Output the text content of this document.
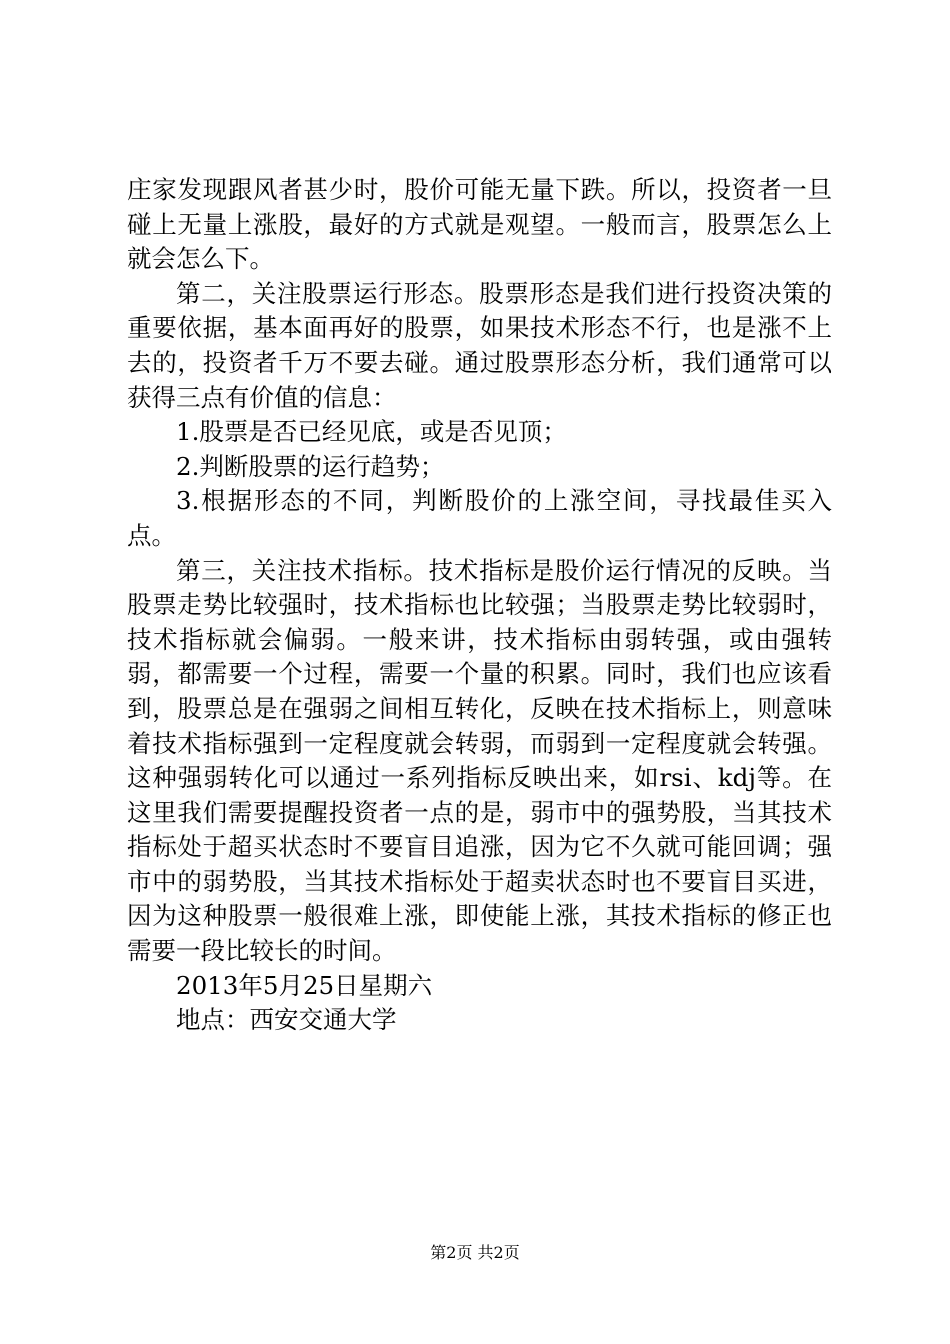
庄家发现跟风者甚少时，股价可能无量下跌。所以，投资者一旦碰上无量上涨股，最好的方式就是观望。一般而言，股票怎么上就会怎么下。

第二，关注股票运行形态。股票形态是我们进行投资决策的重要依据，基本面再好的股票，如果技术形态不行，也是涨不上去的，投资者千万不要去碰。通过股票形态分析，我们通常可以获得三点有价值的信息：

1.股票是否已经见底，或是否见顶；

2.判断股票的运行趋势；

3.根据形态的不同，判断股价的上涨空间，寻找最佳买入点。

第三，关注技术指标。技术指标是股价运行情况的反映。当股票走势比较强时，技术指标也比较强；当股票走势比较弱时，技术指标就会偏弱。一般来讲，技术指标由弱转强，或由强转弱，都需要一个过程，需要一个量的积累。同时，我们也应该看到，股票总是在强弱之间相互转化，反映在技术指标上，则意味着技术指标强到一定程度就会转弱，而弱到一定程度就会转强。这种强弱转化可以通过一系列指标反映出来，如rsi、kdj等。在这里我们需要提醒投资者一点的是，弱市中的强势股，当其技术指标处于超买状态时不要盲目追涨，因为它不久就可能回调；强市中的弱势股，当其技术指标处于超卖状态时也不要盲目买进，因为这种股票一般很难上涨，即使能上涨，其技术指标的修正也需要一段比较长的时间。

2013年5月25日星期六

地点：西安交通大学

第2页 共2页
